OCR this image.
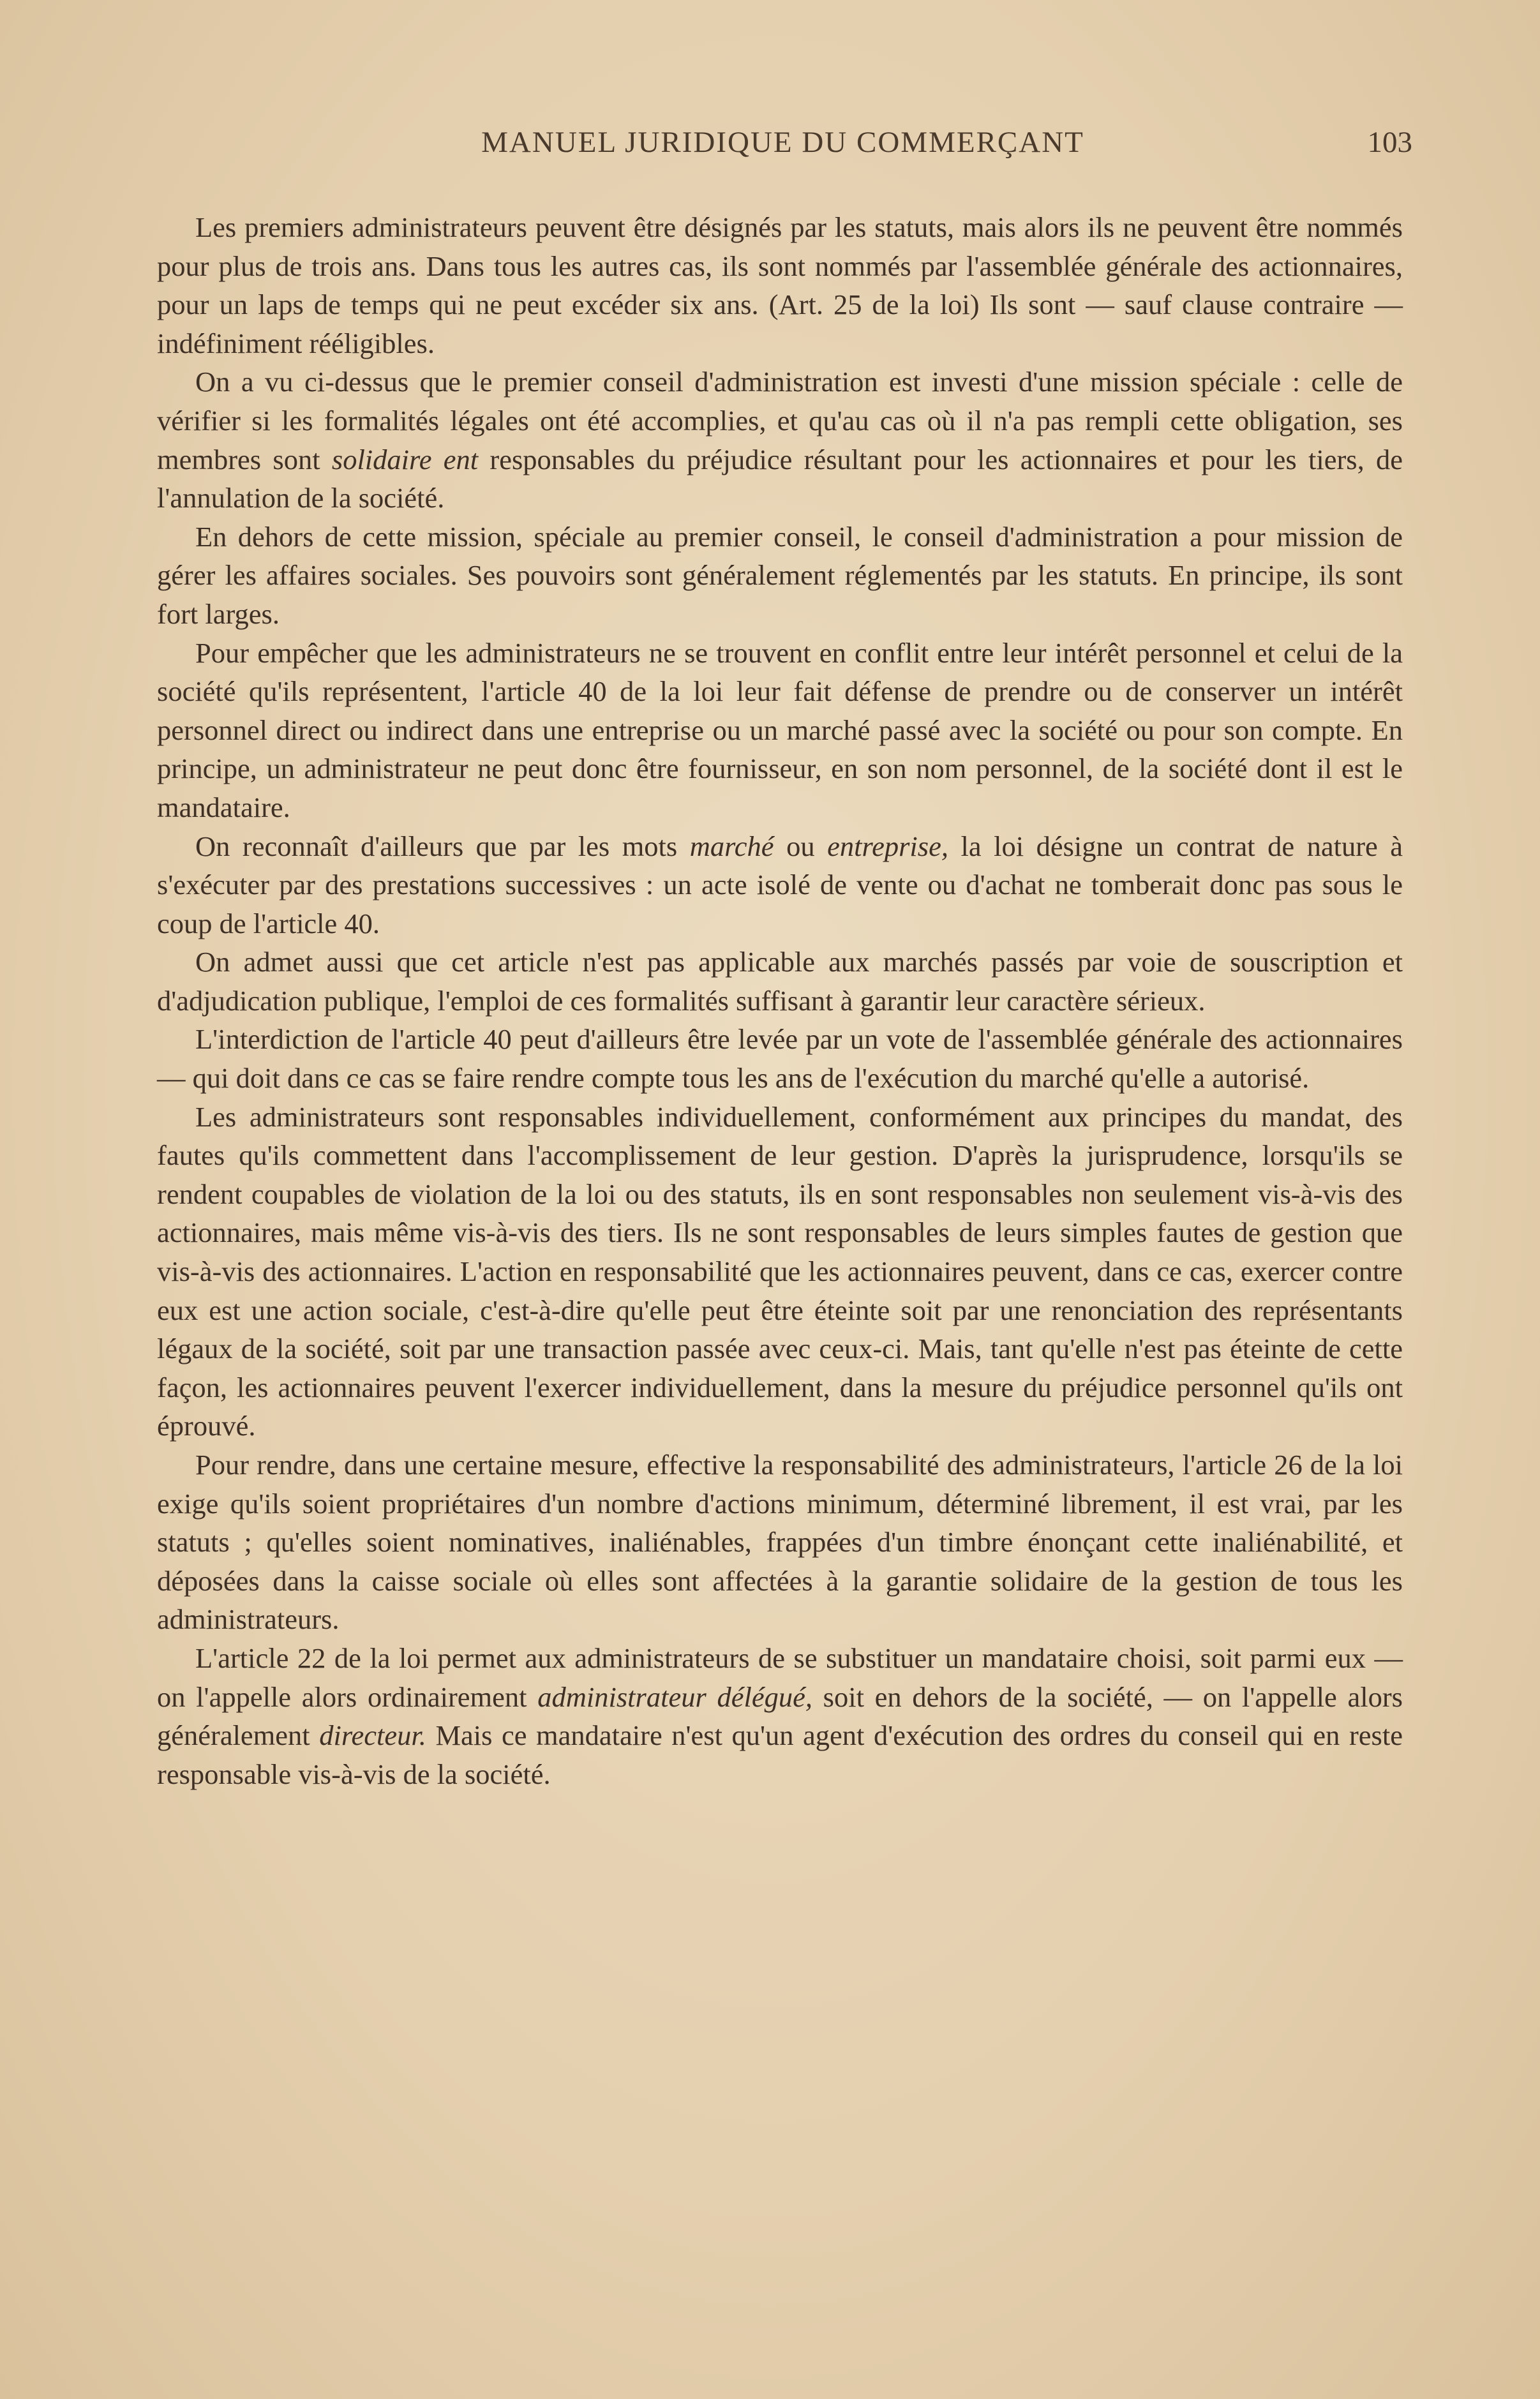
MANUEL JURIDIQUE DU COMMERÇANT	103

Les premiers administrateurs peuvent être désignés par les statuts, mais alors ils ne peuvent être nommés pour plus de trois ans. Dans tous les autres cas, ils sont nommés par l'assemblée générale des actionnaires, pour un laps de temps qui ne peut excéder six ans. (Art. 25 de la loi) Ils sont — sauf clause contraire — indéfiniment rééligibles.

On a vu ci-dessus que le premier conseil d'administration est investi d'une mission spéciale : celle de vérifier si les formalités légales ont été accomplies, et qu'au cas où il n'a pas rempli cette obligation, ses membres sont solidaire ent responsables du préjudice résultant pour les actionnaires et pour les tiers, de l'annulation de la société.

En dehors de cette mission, spéciale au premier conseil, le conseil d'administration a pour mission de gérer les affaires sociales. Ses pouvoirs sont généralement réglementés par les statuts. En principe, ils sont fort larges.

Pour empêcher que les administrateurs ne se trouvent en conflit entre leur intérêt personnel et celui de la société qu'ils représentent, l'article 40 de la loi leur fait défense de prendre ou de conserver un intérêt personnel direct ou indirect dans une entreprise ou un marché passé avec la société ou pour son compte. En principe, un administrateur ne peut donc être fournisseur, en son nom personnel, de la société dont il est le mandataire.

On reconnaît d'ailleurs que par les mots marché ou entreprise, la loi désigne un contrat de nature à s'exécuter par des prestations successives : un acte isolé de vente ou d'achat ne tomberait donc pas sous le coup de l'article 40.

On admet aussi que cet article n'est pas applicable aux marchés passés par voie de souscription et d'adjudication publique, l'emploi de ces formalités suffisant à garantir leur caractère sérieux.

L'interdiction de l'article 40 peut d'ailleurs être levée par un vote de l'assemblée générale des actionnaires — qui doit dans ce cas se faire rendre compte tous les ans de l'exécution du marché qu'elle a autorisé.

Les administrateurs sont responsables individuellement, conformément aux principes du mandat, des fautes qu'ils commettent dans l'accomplissement de leur gestion. D'après la jurisprudence, lorsqu'ils se rendent coupables de violation de la loi ou des statuts, ils en sont responsables non seulement vis-à-vis des actionnaires, mais même vis-à-vis des tiers. Ils ne sont responsables de leurs simples fautes de gestion que vis-à-vis des actionnaires. L'action en responsabilité que les actionnaires peuvent, dans ce cas, exercer contre eux est une action sociale, c'est-à-dire qu'elle peut être éteinte soit par une renonciation des représentants légaux de la société, soit par une transaction passée avec ceux-ci. Mais, tant qu'elle n'est pas éteinte de cette façon, les actionnaires peuvent l'exercer individuellement, dans la mesure du préjudice personnel qu'ils ont éprouvé.

Pour rendre, dans une certaine mesure, effective la responsabilité des administrateurs, l'article 26 de la loi exige qu'ils soient propriétaires d'un nombre d'actions minimum, déterminé librement, il est vrai, par les statuts ; qu'elles soient nominatives, inaliénables, frappées d'un timbre énonçant cette inaliénabilité, et déposées dans la caisse sociale où elles sont affectées à la garantie solidaire de la gestion de tous les administrateurs.

L'article 22 de la loi permet aux administrateurs de se substituer un mandataire choisi, soit parmi eux — on l'appelle alors ordinairement administrateur délégué, soit en dehors de la société, — on l'appelle alors généralement directeur. Mais ce mandataire n'est qu'un agent d'exécution des ordres du conseil qui en reste responsable vis-à-vis de la société.
